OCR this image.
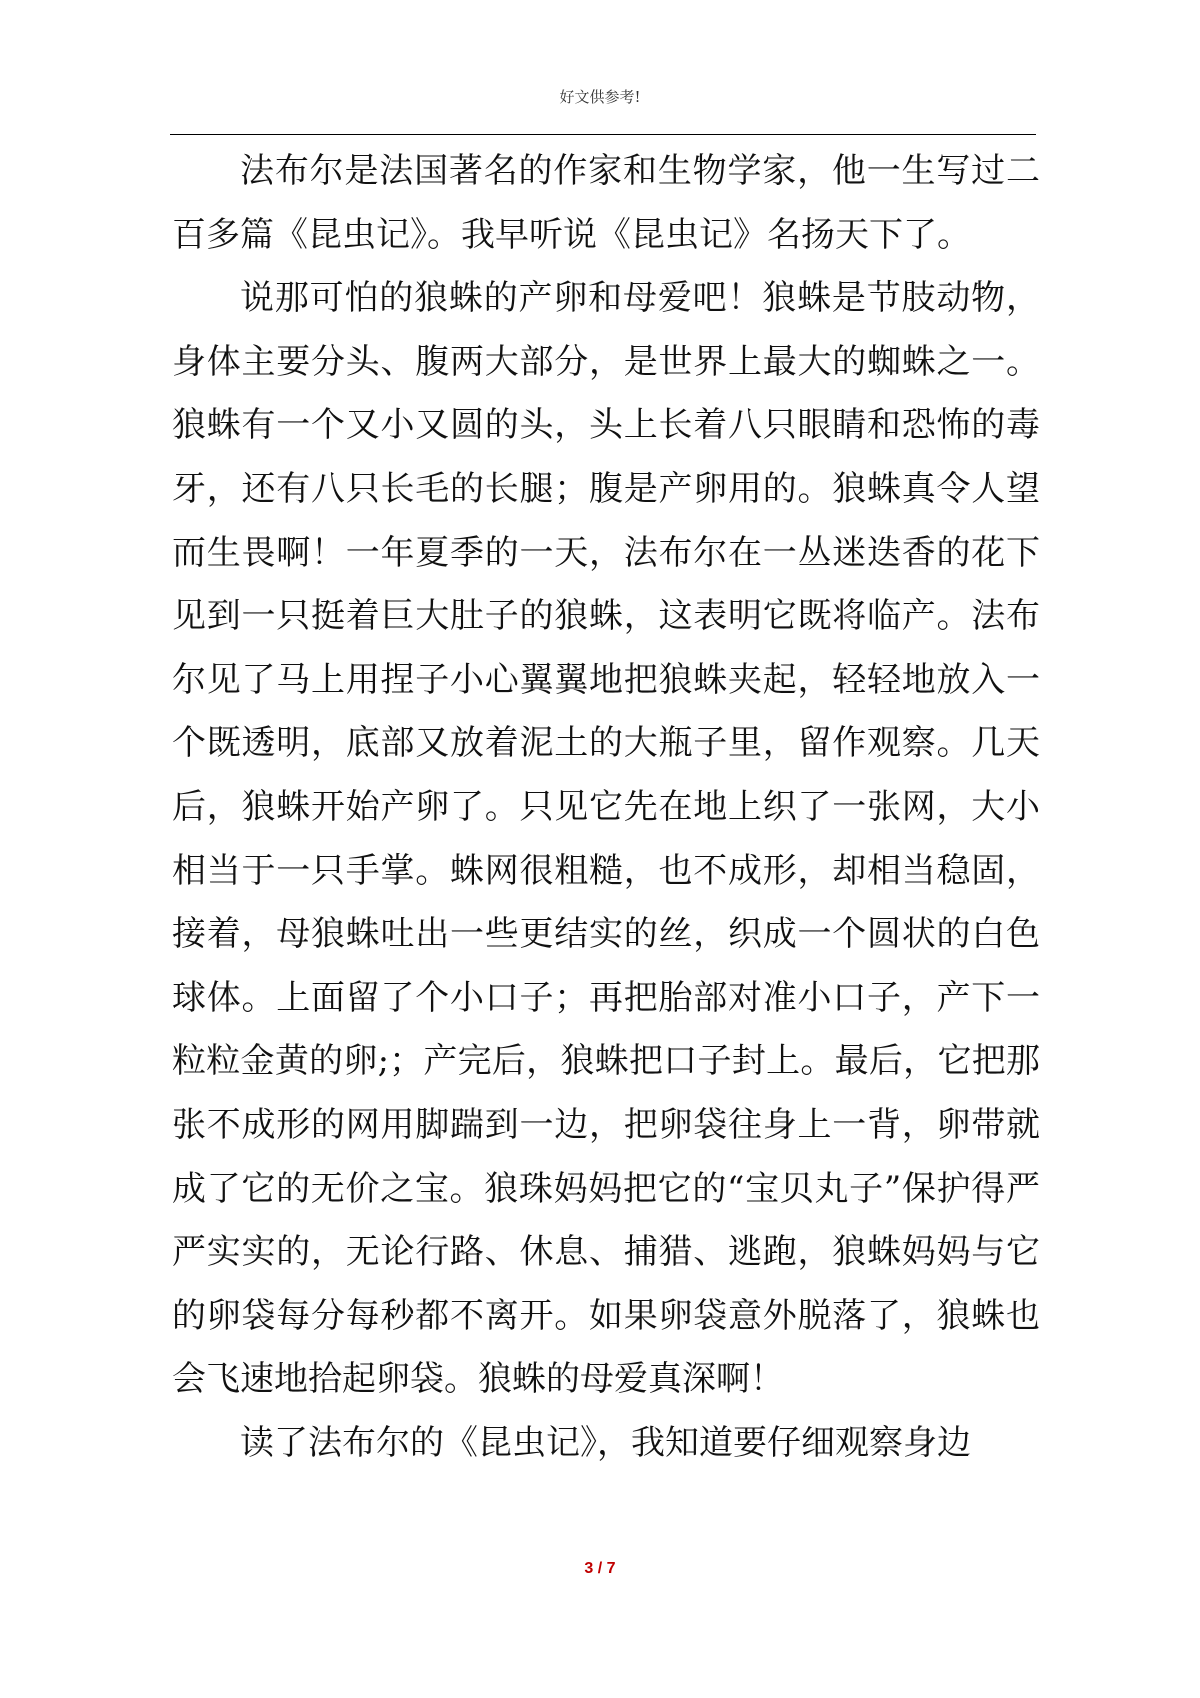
好文供参考!

法布尔是法国著名的作家和生物学家，他一生写过二百多篇《昆虫记》。我早听说《昆虫记》名扬天下了。

说那可怕的狼蛛的产卵和母爱吧！狼蛛是节肢动物，身体主要分头、腹两大部分，是世界上最大的蜘蛛之一。狼蛛有一个又小又圆的头，头上长着八只眼睛和恐怖的毒牙，还有八只长毛的长腿；腹是产卵用的。狼蛛真令人望而生畏啊！一年夏季的一天，法布尔在一丛迷迭香的花下见到一只挺着巨大肚子的狼蛛，这表明它既将临产。法布尔见了马上用捏子小心翼翼地把狼蛛夹起，轻轻地放入一个既透明，底部又放着泥土的大瓶子里，留作观察。几天后，狼蛛开始产卵了。只见它先在地上织了一张网，大小相当于一只手掌。蛛网很粗糙，也不成形，却相当稳固，接着，母狼蛛吐出一些更结实的丝，织成一个圆状的白色球体。上面留了个小口子；再把胎部对准小口子，产下一粒粒金黄的卵;；产完后，狼蛛把口子封上。最后，它把那张不成形的网用脚踹到一边，把卵袋往身上一背，卵带就成了它的无价之宝。狼珠妈妈把它的“宝贝丸子”保护得严严实实的，无论行路、休息、捕猎、逃跑，狼蛛妈妈与它的卵袋每分每秒都不离开。如果卵袋意外脱落了，狼蛛也会飞速地拾起卵袋。狼蛛的母爱真深啊！

读了法布尔的《昆虫记》，我知道要仔细观察身边

3 / 7
